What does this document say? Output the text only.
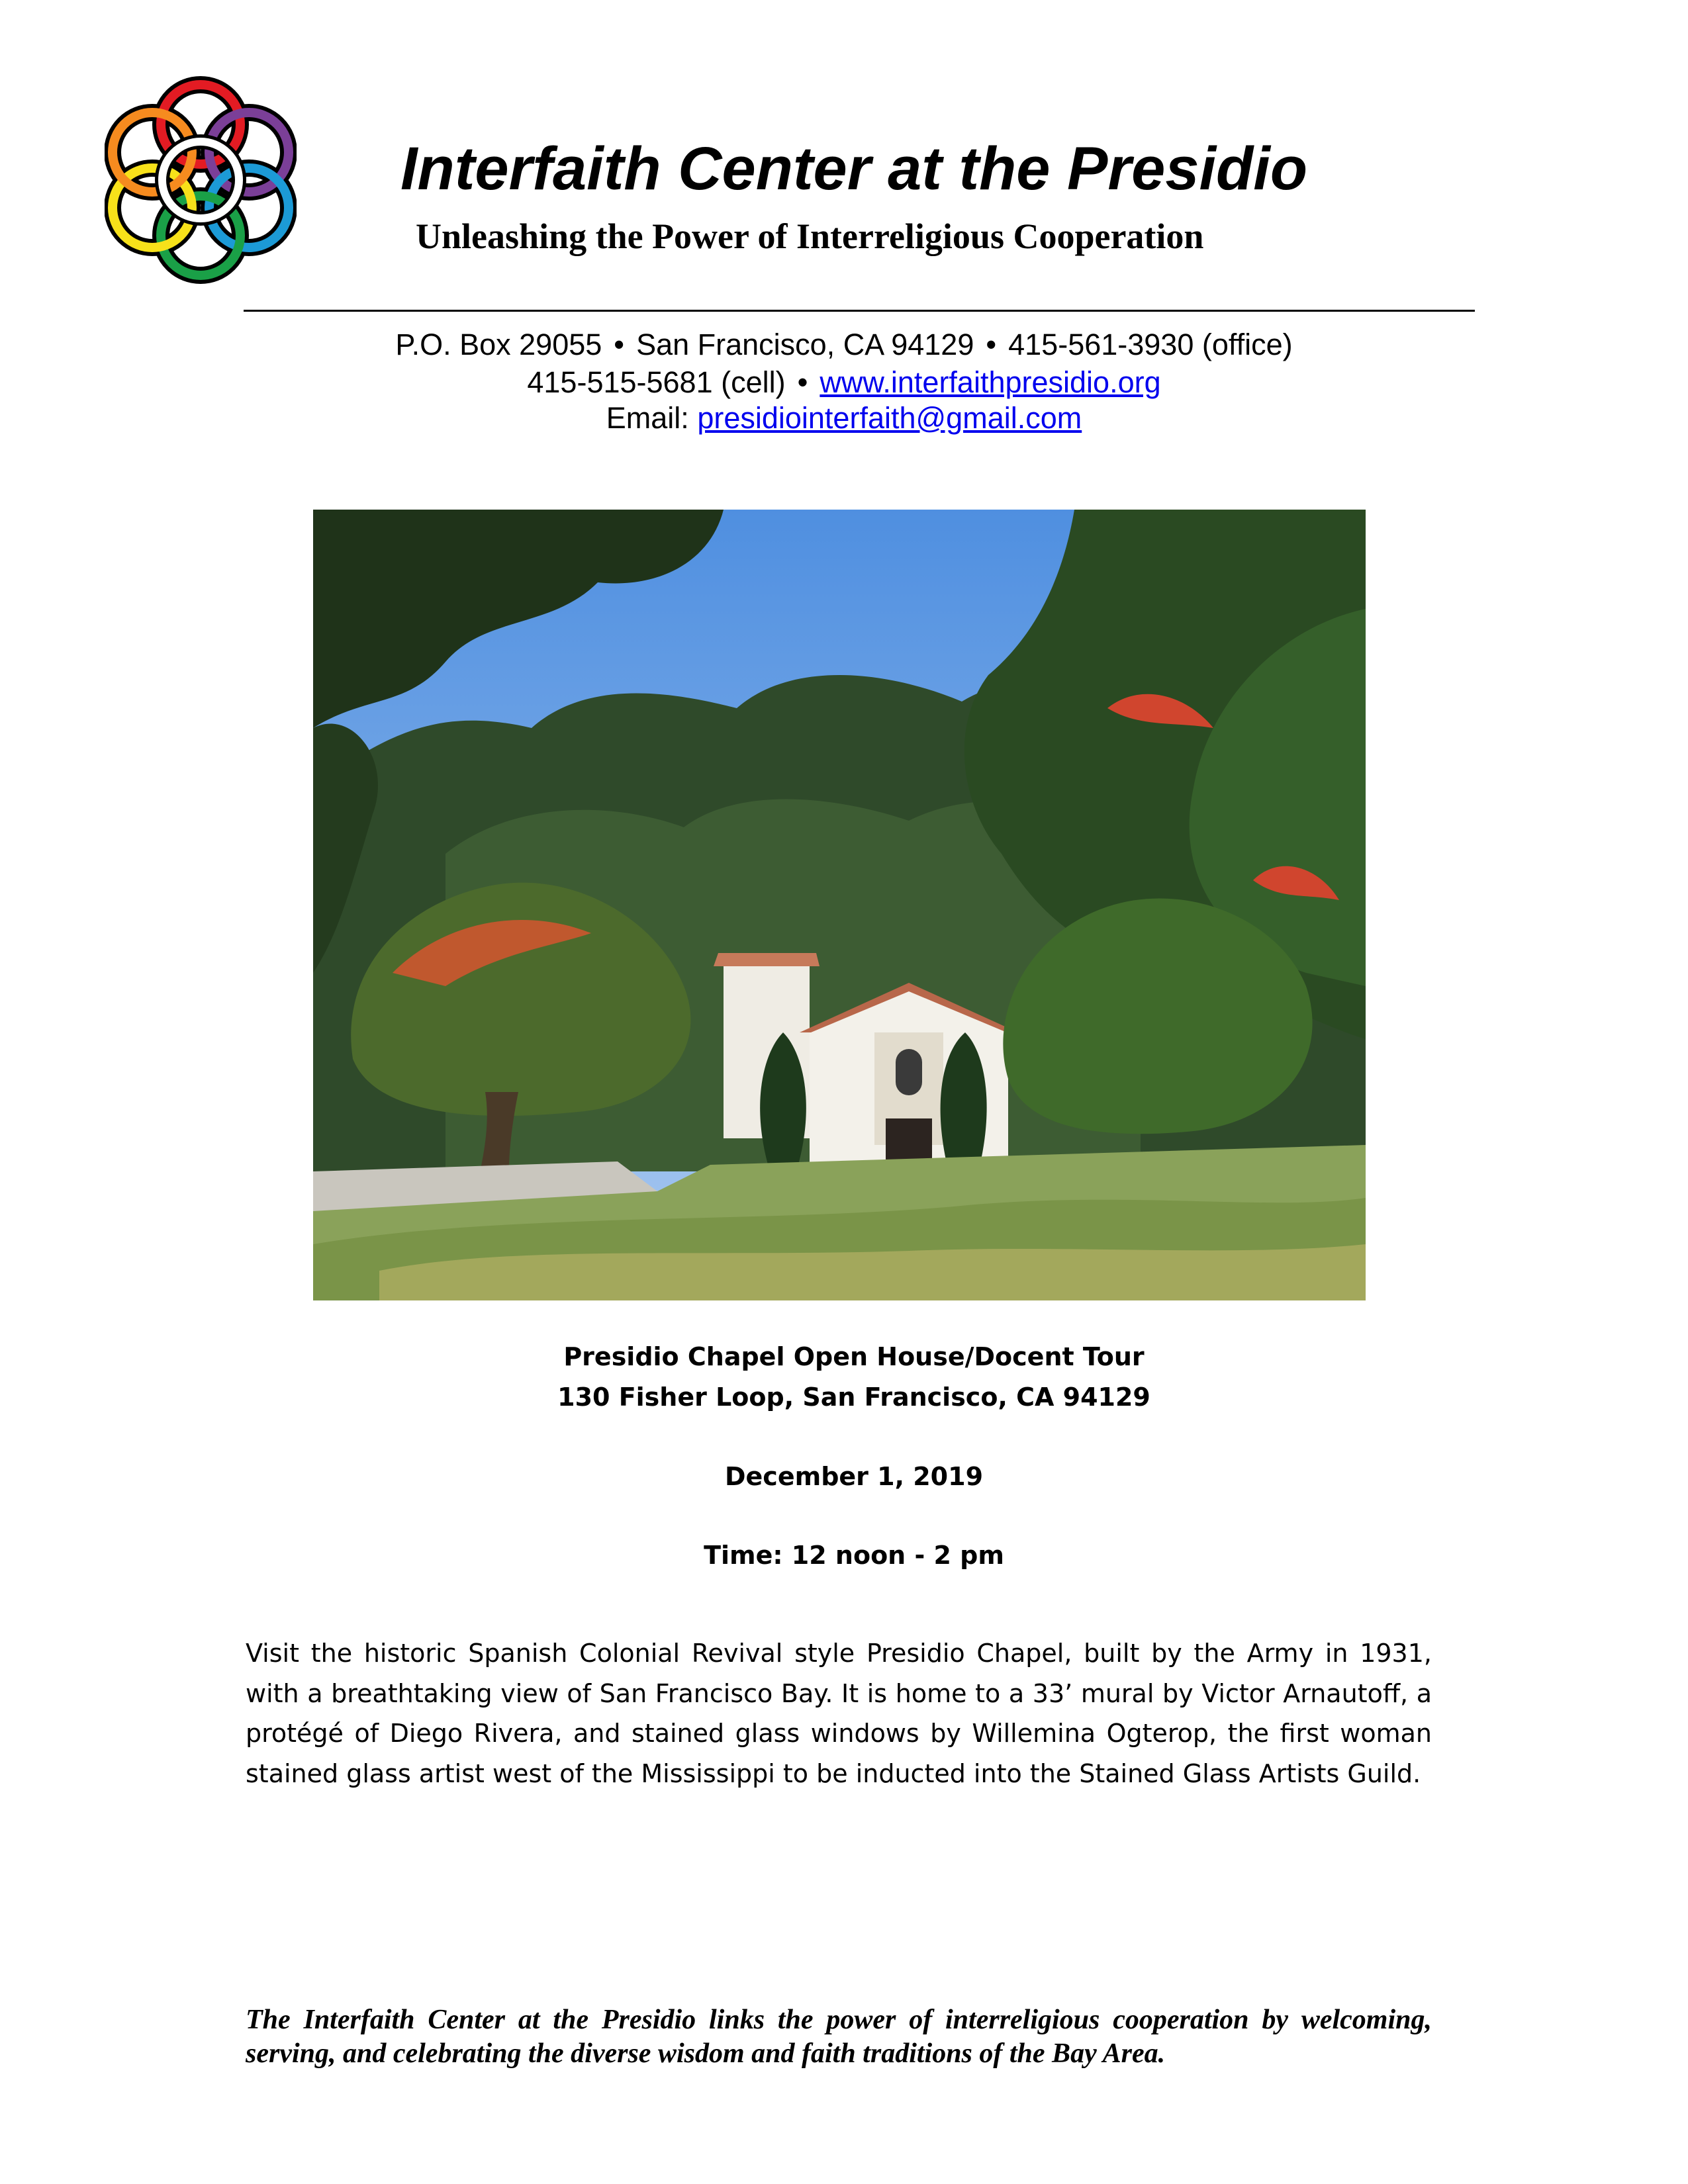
Interfaith Center at the Presidio
Unleashing the Power of Interreligious Cooperation
P.O. Box 29055 • San Francisco, CA 94129 • 415-561-3930 (office)
415-515-5681 (cell) • www.interfaithpresidio.org
Email: presidiointerfaith@gmail.com
Presidio Chapel Open House/Docent Tour
130 Fisher Loop, San Francisco, CA 94129
December 1, 2019
Time: 12 noon - 2 pm

Visit the historic Spanish Colonial Revival style Presidio Chapel, built by the Army in 1931, with a breathtaking view of San Francisco Bay. It is home to a 33’ mural by Victor Arnautoff, a protégé of Diego Rivera, and stained glass windows by Willemina Ogterop, the first woman stained glass artist west of the Mississippi to be inducted into the Stained Glass Artists Guild.

The Interfaith Center at the Presidio links the power of interreligious cooperation by welcoming, serving, and celebrating the diverse wisdom and faith traditions of the Bay Area.
